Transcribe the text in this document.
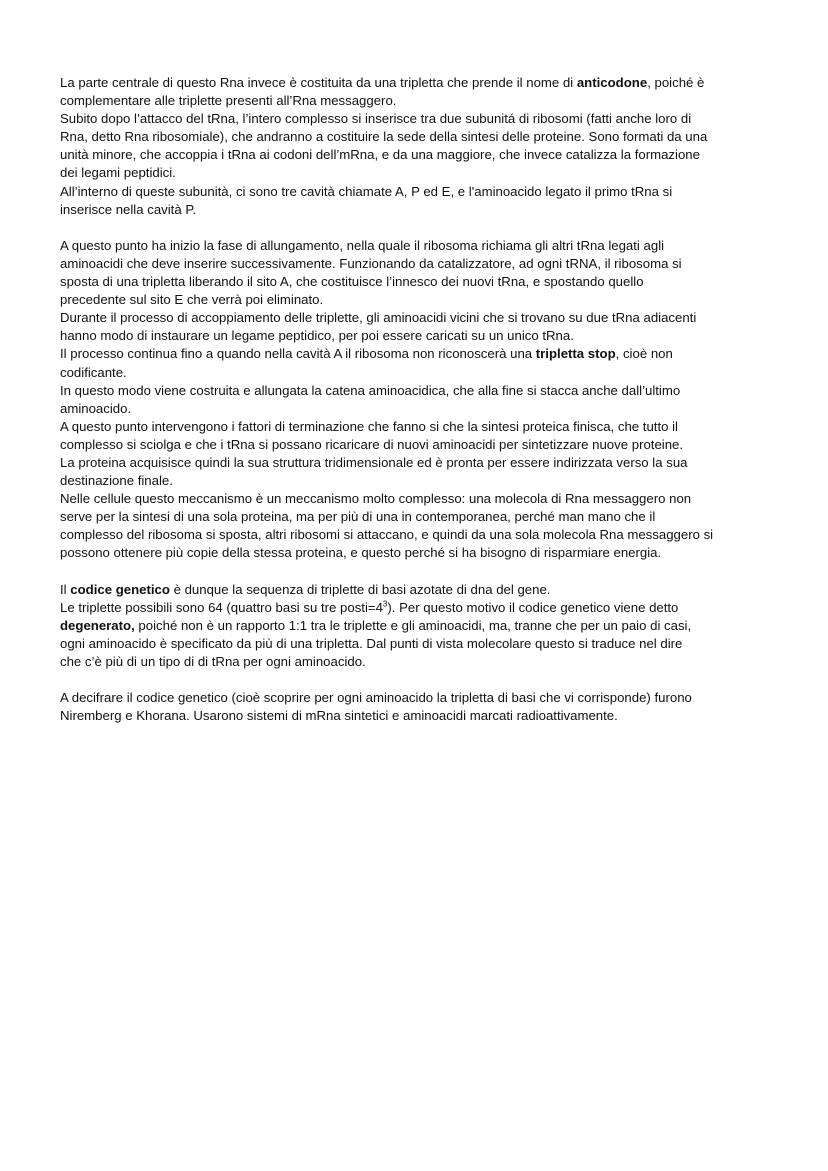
La parte centrale di questo Rna invece è costituita da una tripletta che prende il nome di anticodone, poiché è
complementare alle triplette presenti all’Rna messaggero.
Subito dopo l’attacco del tRna, l’intero complesso si inserisce tra due subunitá di ribosomi (fatti anche loro di
Rna, detto Rna ribosomiale), che andranno a costituire la sede della sintesi delle proteine. Sono formati da una
unità minore, che accoppia i tRna ai codoni dell’mRna, e da una maggiore, che invece catalizza la formazione
dei legami peptidici.
All’interno di queste subunità, ci sono tre cavità chiamate A, P ed E, e l'aminoacido legato il primo tRna si
inserisce nella cavità P.
A questo punto ha inizio la fase di allungamento, nella quale il ribosoma richiama gli altri tRna legati agli
aminoacidi che deve inserire successivamente. Funzionando da catalizzatore, ad ogni tRNA, il ribosoma si
sposta di una tripletta liberando il sito A, che costituisce l’innesco dei nuovi tRna, e spostando quello
precedente sul sito E che verrà poi eliminato.
Durante il processo di accoppiamento delle triplette, gli aminoacidi vicini che si trovano su due tRna adiacenti
hanno modo di instaurare un legame peptidico, per poi essere caricati su un unico tRna.
Il processo continua fino a quando nella cavità A il ribosoma non riconoscerà una tripletta stop, cioè non
codificante.
In questo modo viene costruita e allungata la catena aminoacidica, che alla fine si stacca anche dall’ultimo
aminoacido.
A questo punto intervengono i fattori di terminazione che fanno si che la sintesi proteica finisca, che tutto il
complesso si sciolga e che i tRna si possano ricaricare di nuovi aminoacidi per sintetizzare nuove proteine.
La proteina acquisisce quindi la sua struttura tridimensionale ed è pronta per essere indirizzata verso la sua
destinazione finale.
Nelle cellule questo meccanismo è un meccanismo molto complesso: una molecola di Rna messaggero non
serve per la sintesi di una sola proteina, ma per più di una in contemporanea, perché man mano che il
complesso del ribosoma si sposta, altri ribosomi si attaccano, e quindi da una sola molecola Rna messaggero si
possono ottenere più copie della stessa proteina, e questo perché si ha bisogno di risparmiare energia.
Il codice genetico è dunque la sequenza di triplette di basi azotate di dna del gene.
Le triplette possibili sono 64 (quattro basi su tre $posti=4^3$). Per questo motivo il codice genetico viene detto
degenerato, poiché non è un rapporto 1:1 tra le triplette e gli aminoacidi, ma, tranne che per un paio di casi,
ogni aminoacido è specificato da più di una tripletta. Dal punti di vista molecolare questo si traduce nel dire
che c’è più di un tipo di di tRna per ogni aminoacido.
A decifrare il codice genetico (cioè scoprire per ogni aminoacido la tripletta di basi che vi corrisponde) furono
Niremberg e Khorana. Usarono sistemi di mRna sintetici e aminoacidi marcati radioattivamente.
